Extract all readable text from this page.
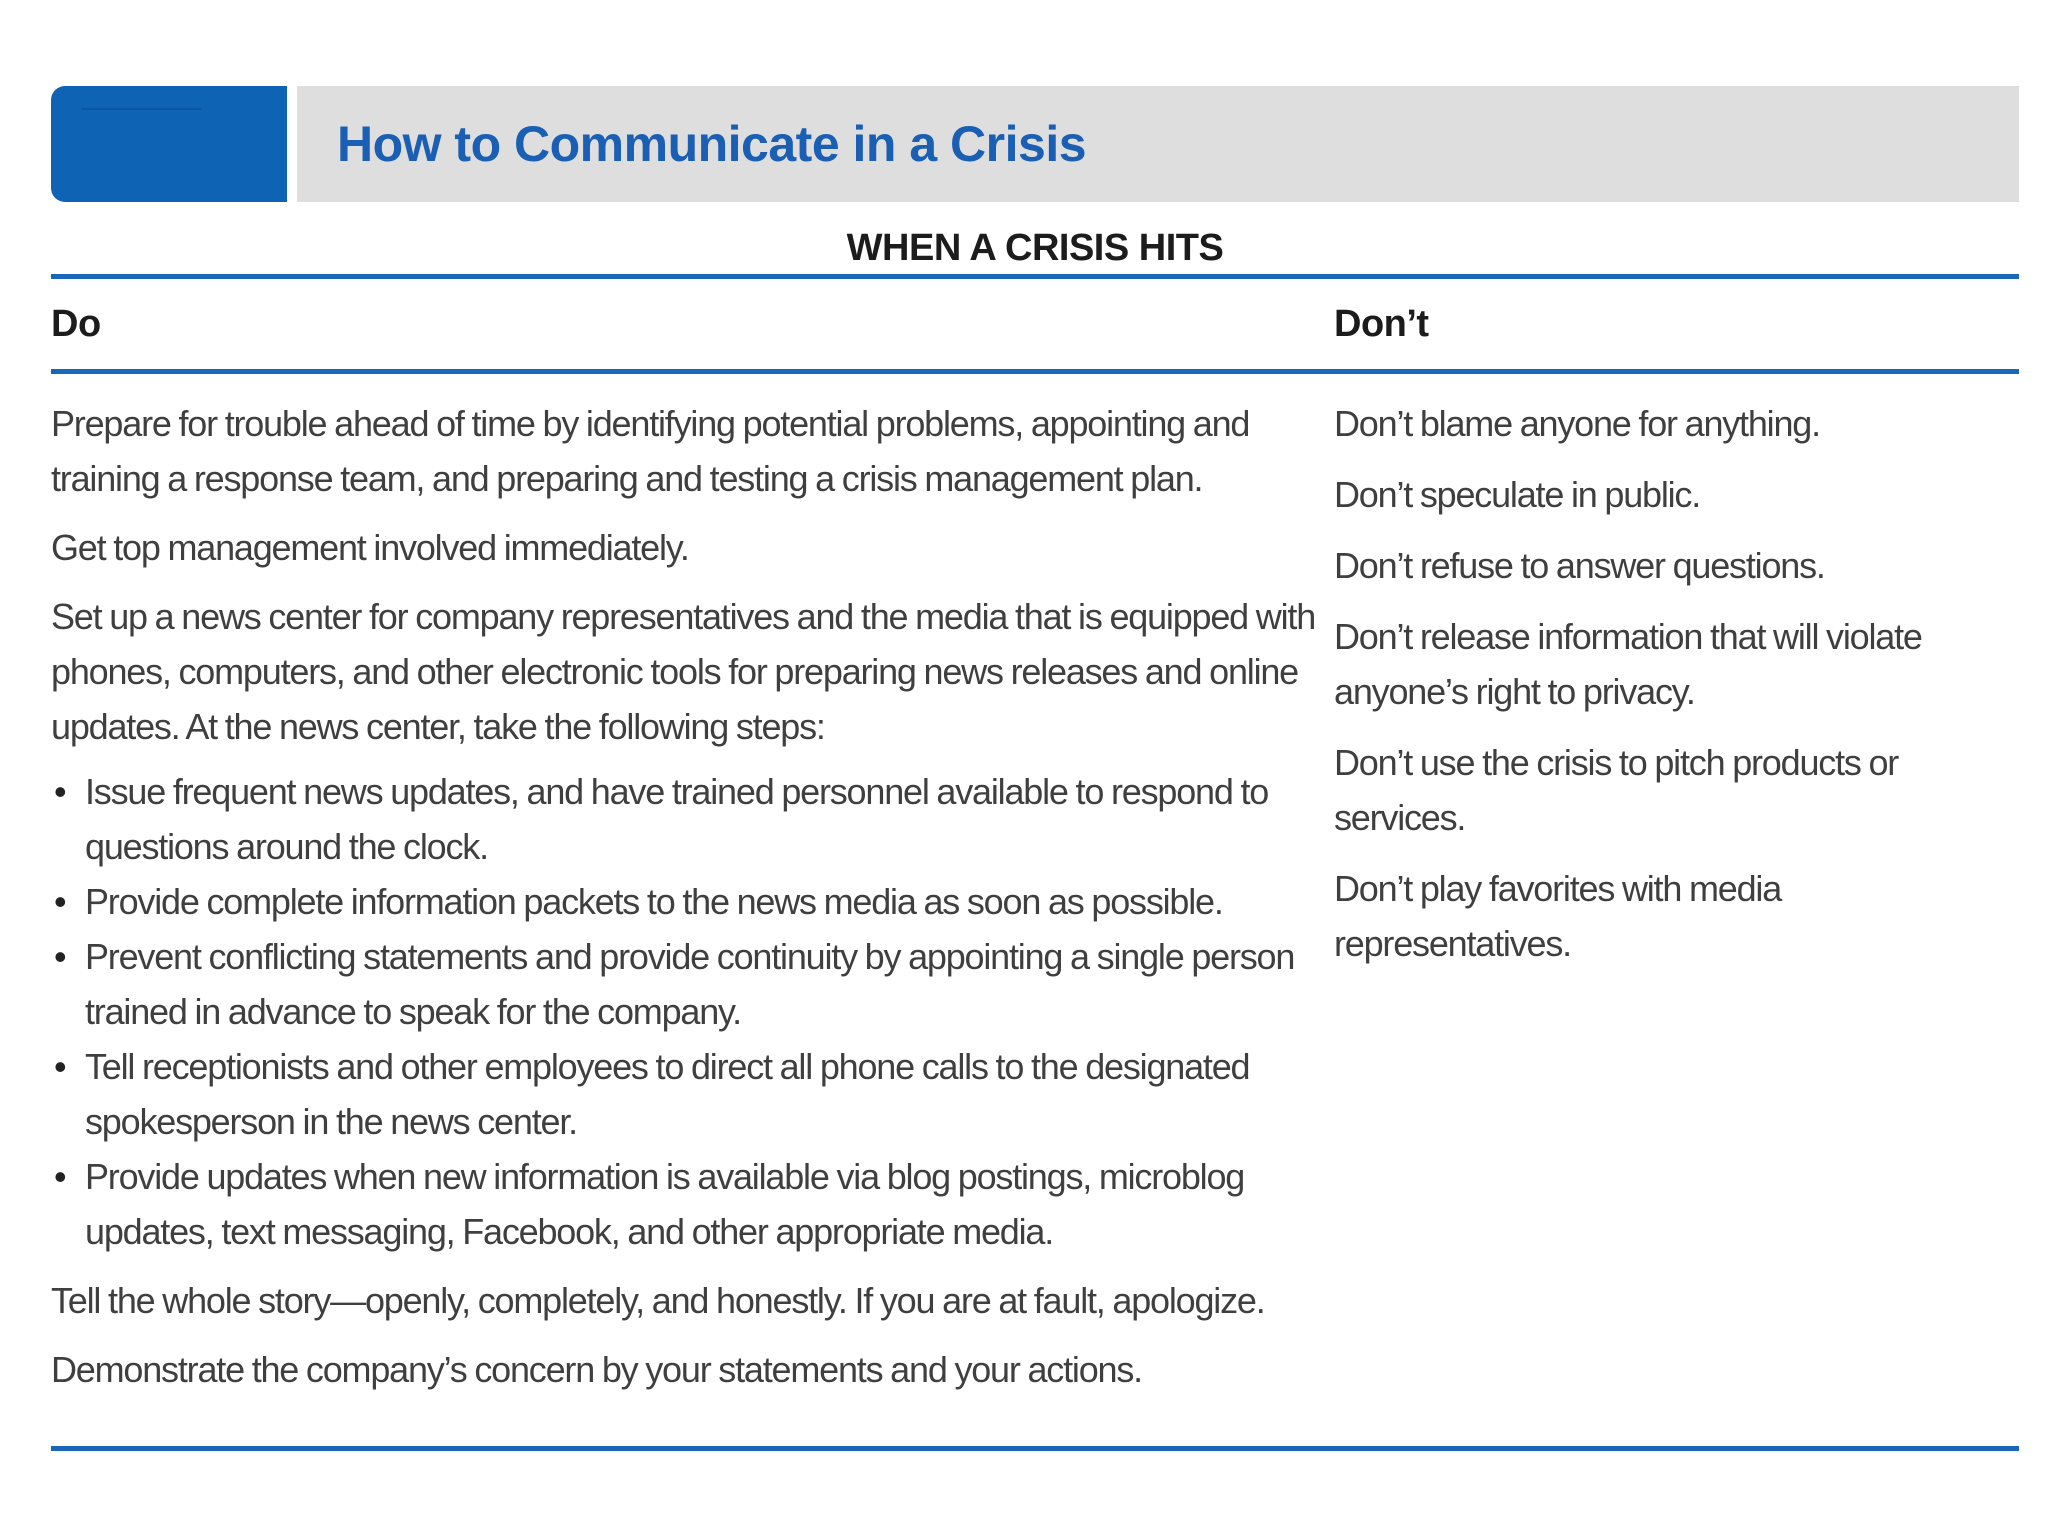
How to Communicate in a Crisis
WHEN A CRISIS HITS
Do	Don’t

Prepare for trouble ahead of time by identifying potential problems, appointing and training a response team, and preparing and testing a crisis management plan.

Get top management involved immediately.

Set up a news center for company representatives and the media that is equipped with phones, computers, and other electronic tools for preparing news releases and online updates. At the news center, take the following steps:

• Issue frequent news updates, and have trained personnel available to respond to questions around the clock.
• Provide complete information packets to the news media as soon as possible.
• Prevent conflicting statements and provide continuity by appointing a single person trained in advance to speak for the company.
• Tell receptionists and other employees to direct all phone calls to the designated spokesperson in the news center.
• Provide updates when new information is available via blog postings, microblog updates, text messaging, Facebook, and other appropriate media.

Tell the whole story—openly, completely, and honestly. If you are at fault, apologize.

Demonstrate the company’s concern by your statements and your actions.

Don’t blame anyone for anything.

Don’t speculate in public.

Don’t refuse to answer questions.

Don’t release information that will violate anyone’s right to privacy.

Don’t use the crisis to pitch products or services.

Don’t play favorites with media representatives.
